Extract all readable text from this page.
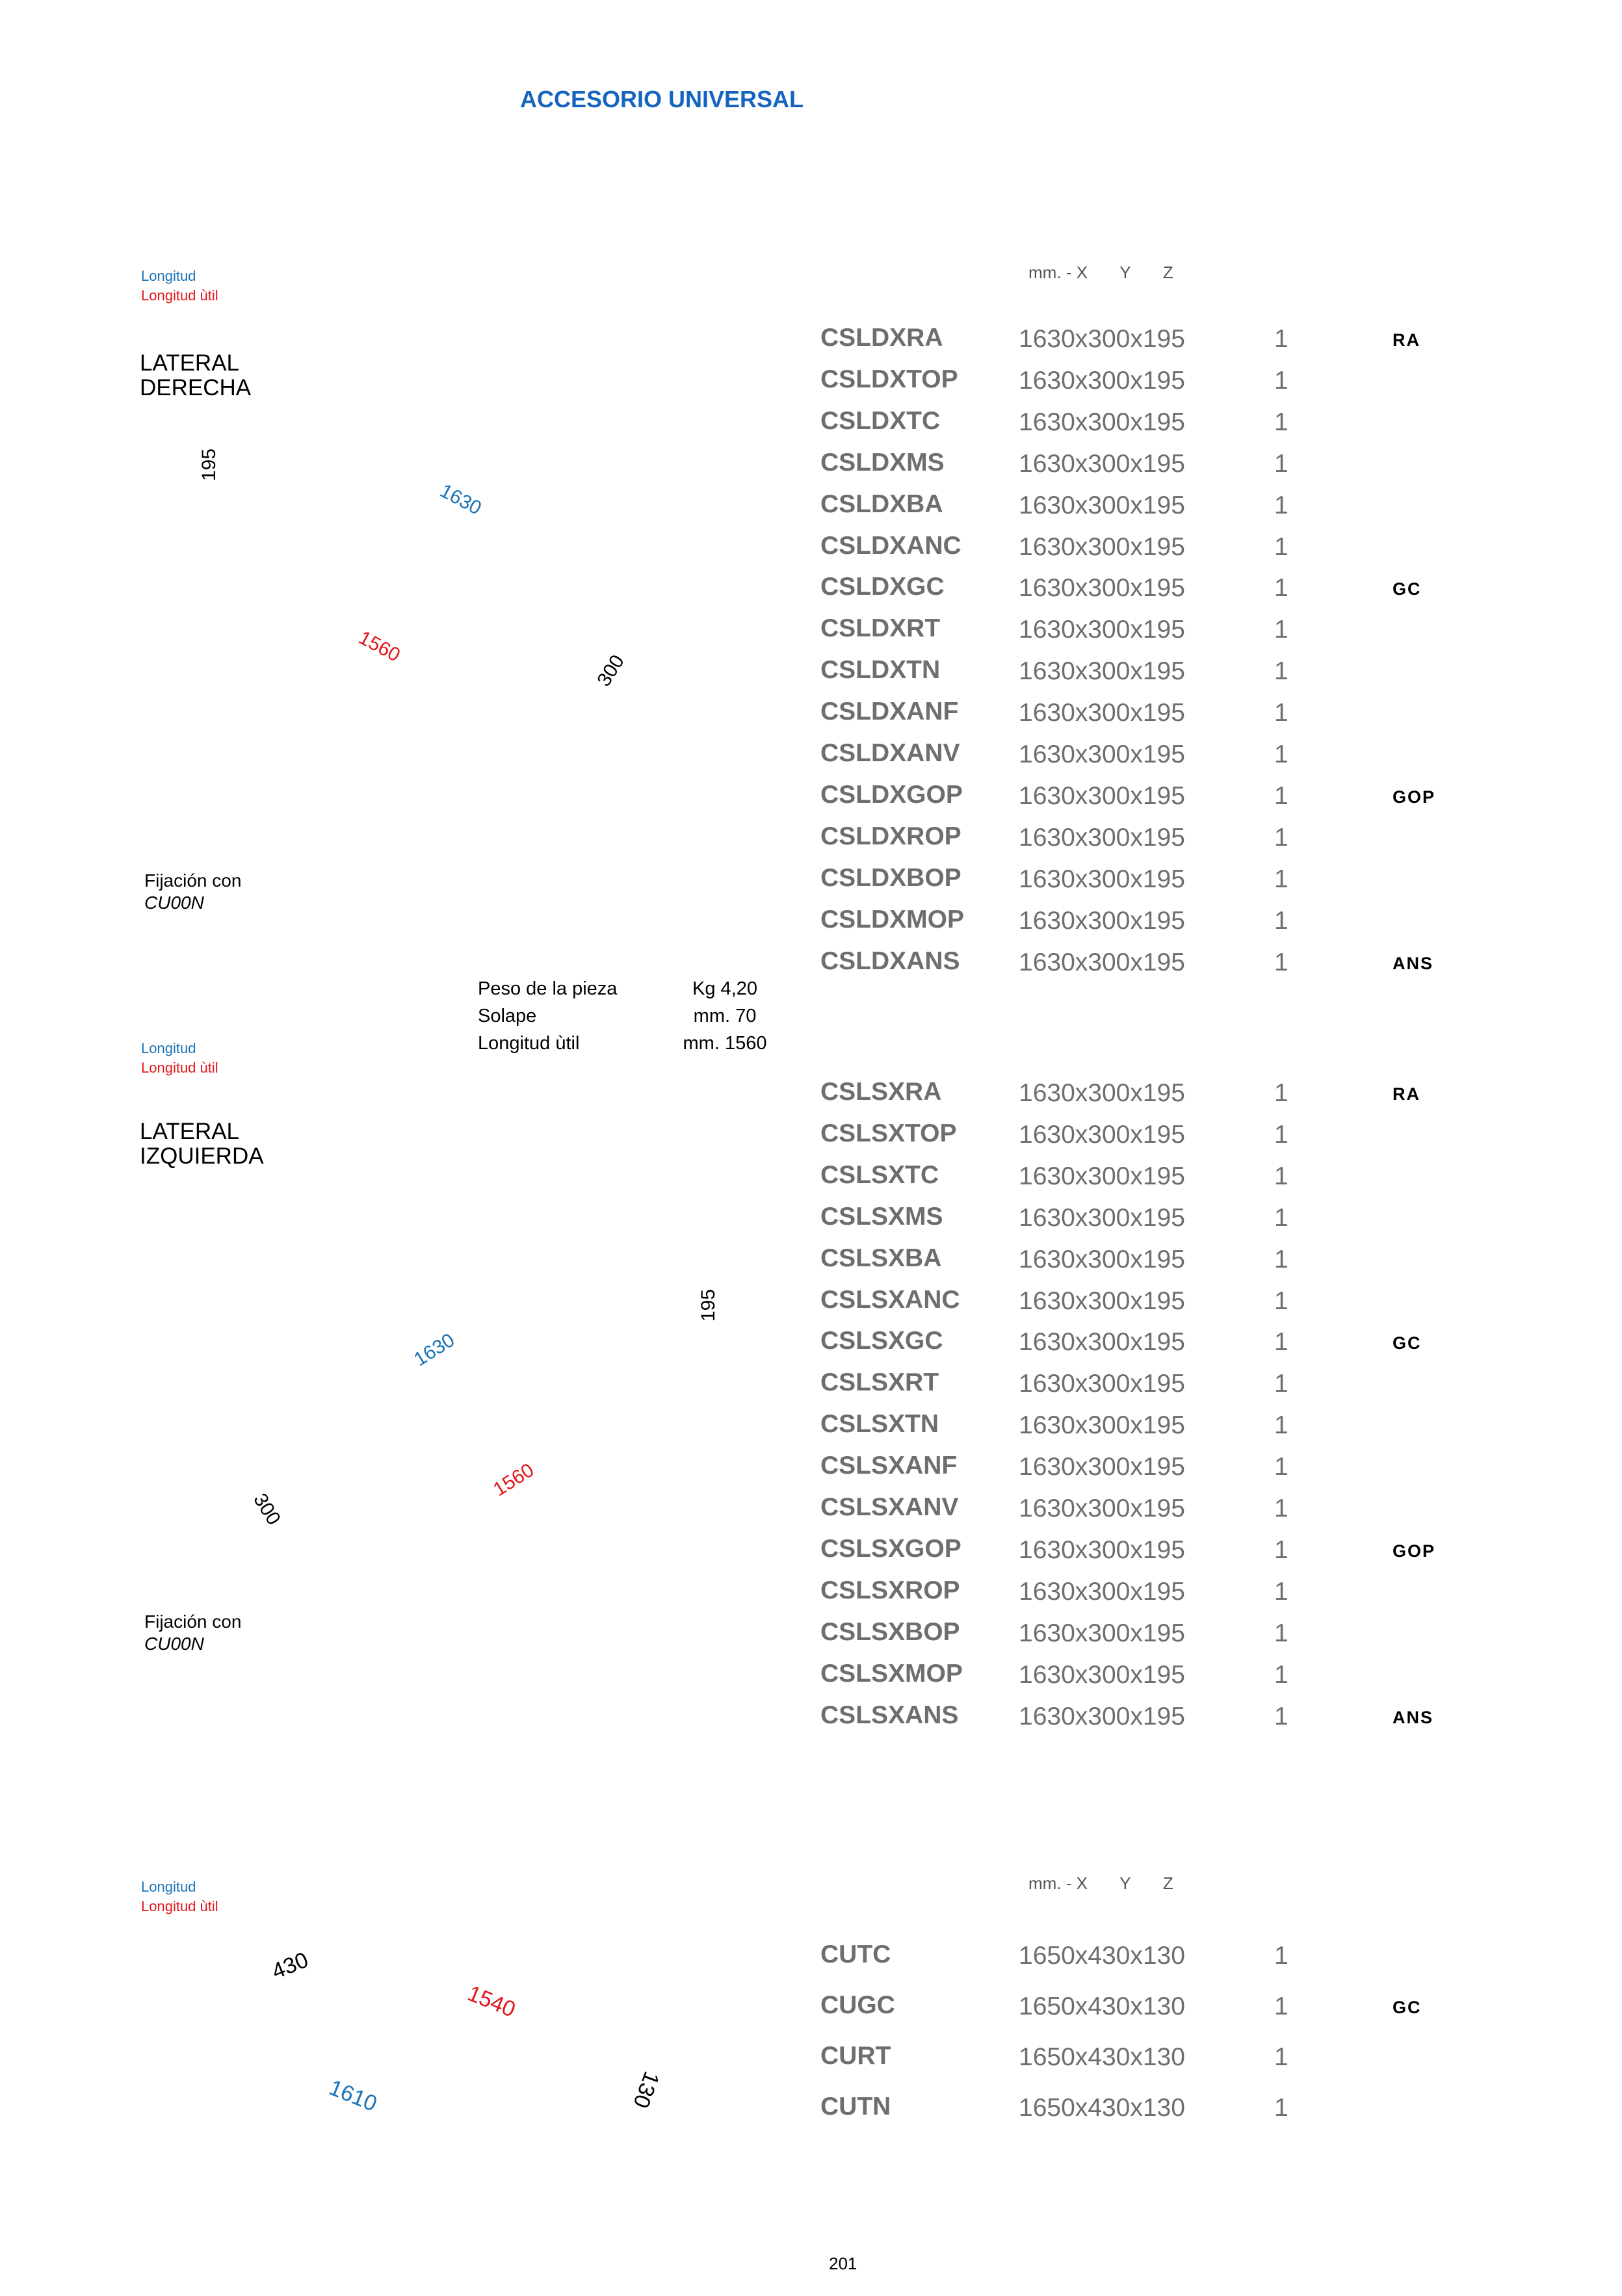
ACCESORIO UNIVERSAL
Longitud
Longitud ùtil
LATERAL
DERECHA
195
1630
1560
300
Fijación con
CU00N
mm. - X Y Z
CSLDXRA	1630x300x195	1	RA
CSLDXTOP 1630x300x195	1
CSLDXTC	1630x300x195	1
CSLDXMS	1630x300x195	1
CSLDXBA	1630x300x195	1
CSLDXANC 1630x300x195	1
CSLDXGC	1630x300x195	1	GC
CSLDXRT	1630x300x195	1
CSLDXTN	1630x300x195	1
CSLDXANF 1630x300x195	1
CSLDXANV 1630x300x195	1
CSLDXGOP 1630x300x195	1	GOP
CSLDXROP 1630x300x195	1
CSLDXBOP 1630x300x195	1
CSLDXMOP 1630x300x195	1
CSLDXANS 1630x300x195	1	ANS
Peso de la pieza	Kg 4,20
Solape	mm. 70
Longitud ùtil	mm. 1560
Longitud
Longitud ùtil
LATERAL
IZQUIERDA
195
1630
1560
300
Fijación con
CU00N
CSLSXRA	1630x300x195	1	RA
CSLSXTOP 1630x300x195	1
CSLSXTC	1630x300x195	1
CSLSXMS	1630x300x195	1
CSLSXBA	1630x300x195	1
CSLSXANC 1630x300x195	1
CSLSXGC	1630x300x195	1	GC
CSLSXRT	1630x300x195	1
CSLSXTN	1630x300x195	1
CSLSXANF 1630x300x195	1
CSLSXANV 1630x300x195	1
CSLSXGOP 1630x300x195	1	GOP
CSLSXROP 1630x300x195	1
CSLSXBOP 1630x300x195	1
CSLSXMOP 1630x300x195	1
CSLSXANS 1630x300x195	1	ANS
Longitud
Longitud ùtil
mm. - X Y Z
430
1540
1610	130
CUTC	1650x430x130	1
CUGC	1650x430x130	1	GC
CURT	1650x430x130	1
CUTN	1650x430x130	1
201
